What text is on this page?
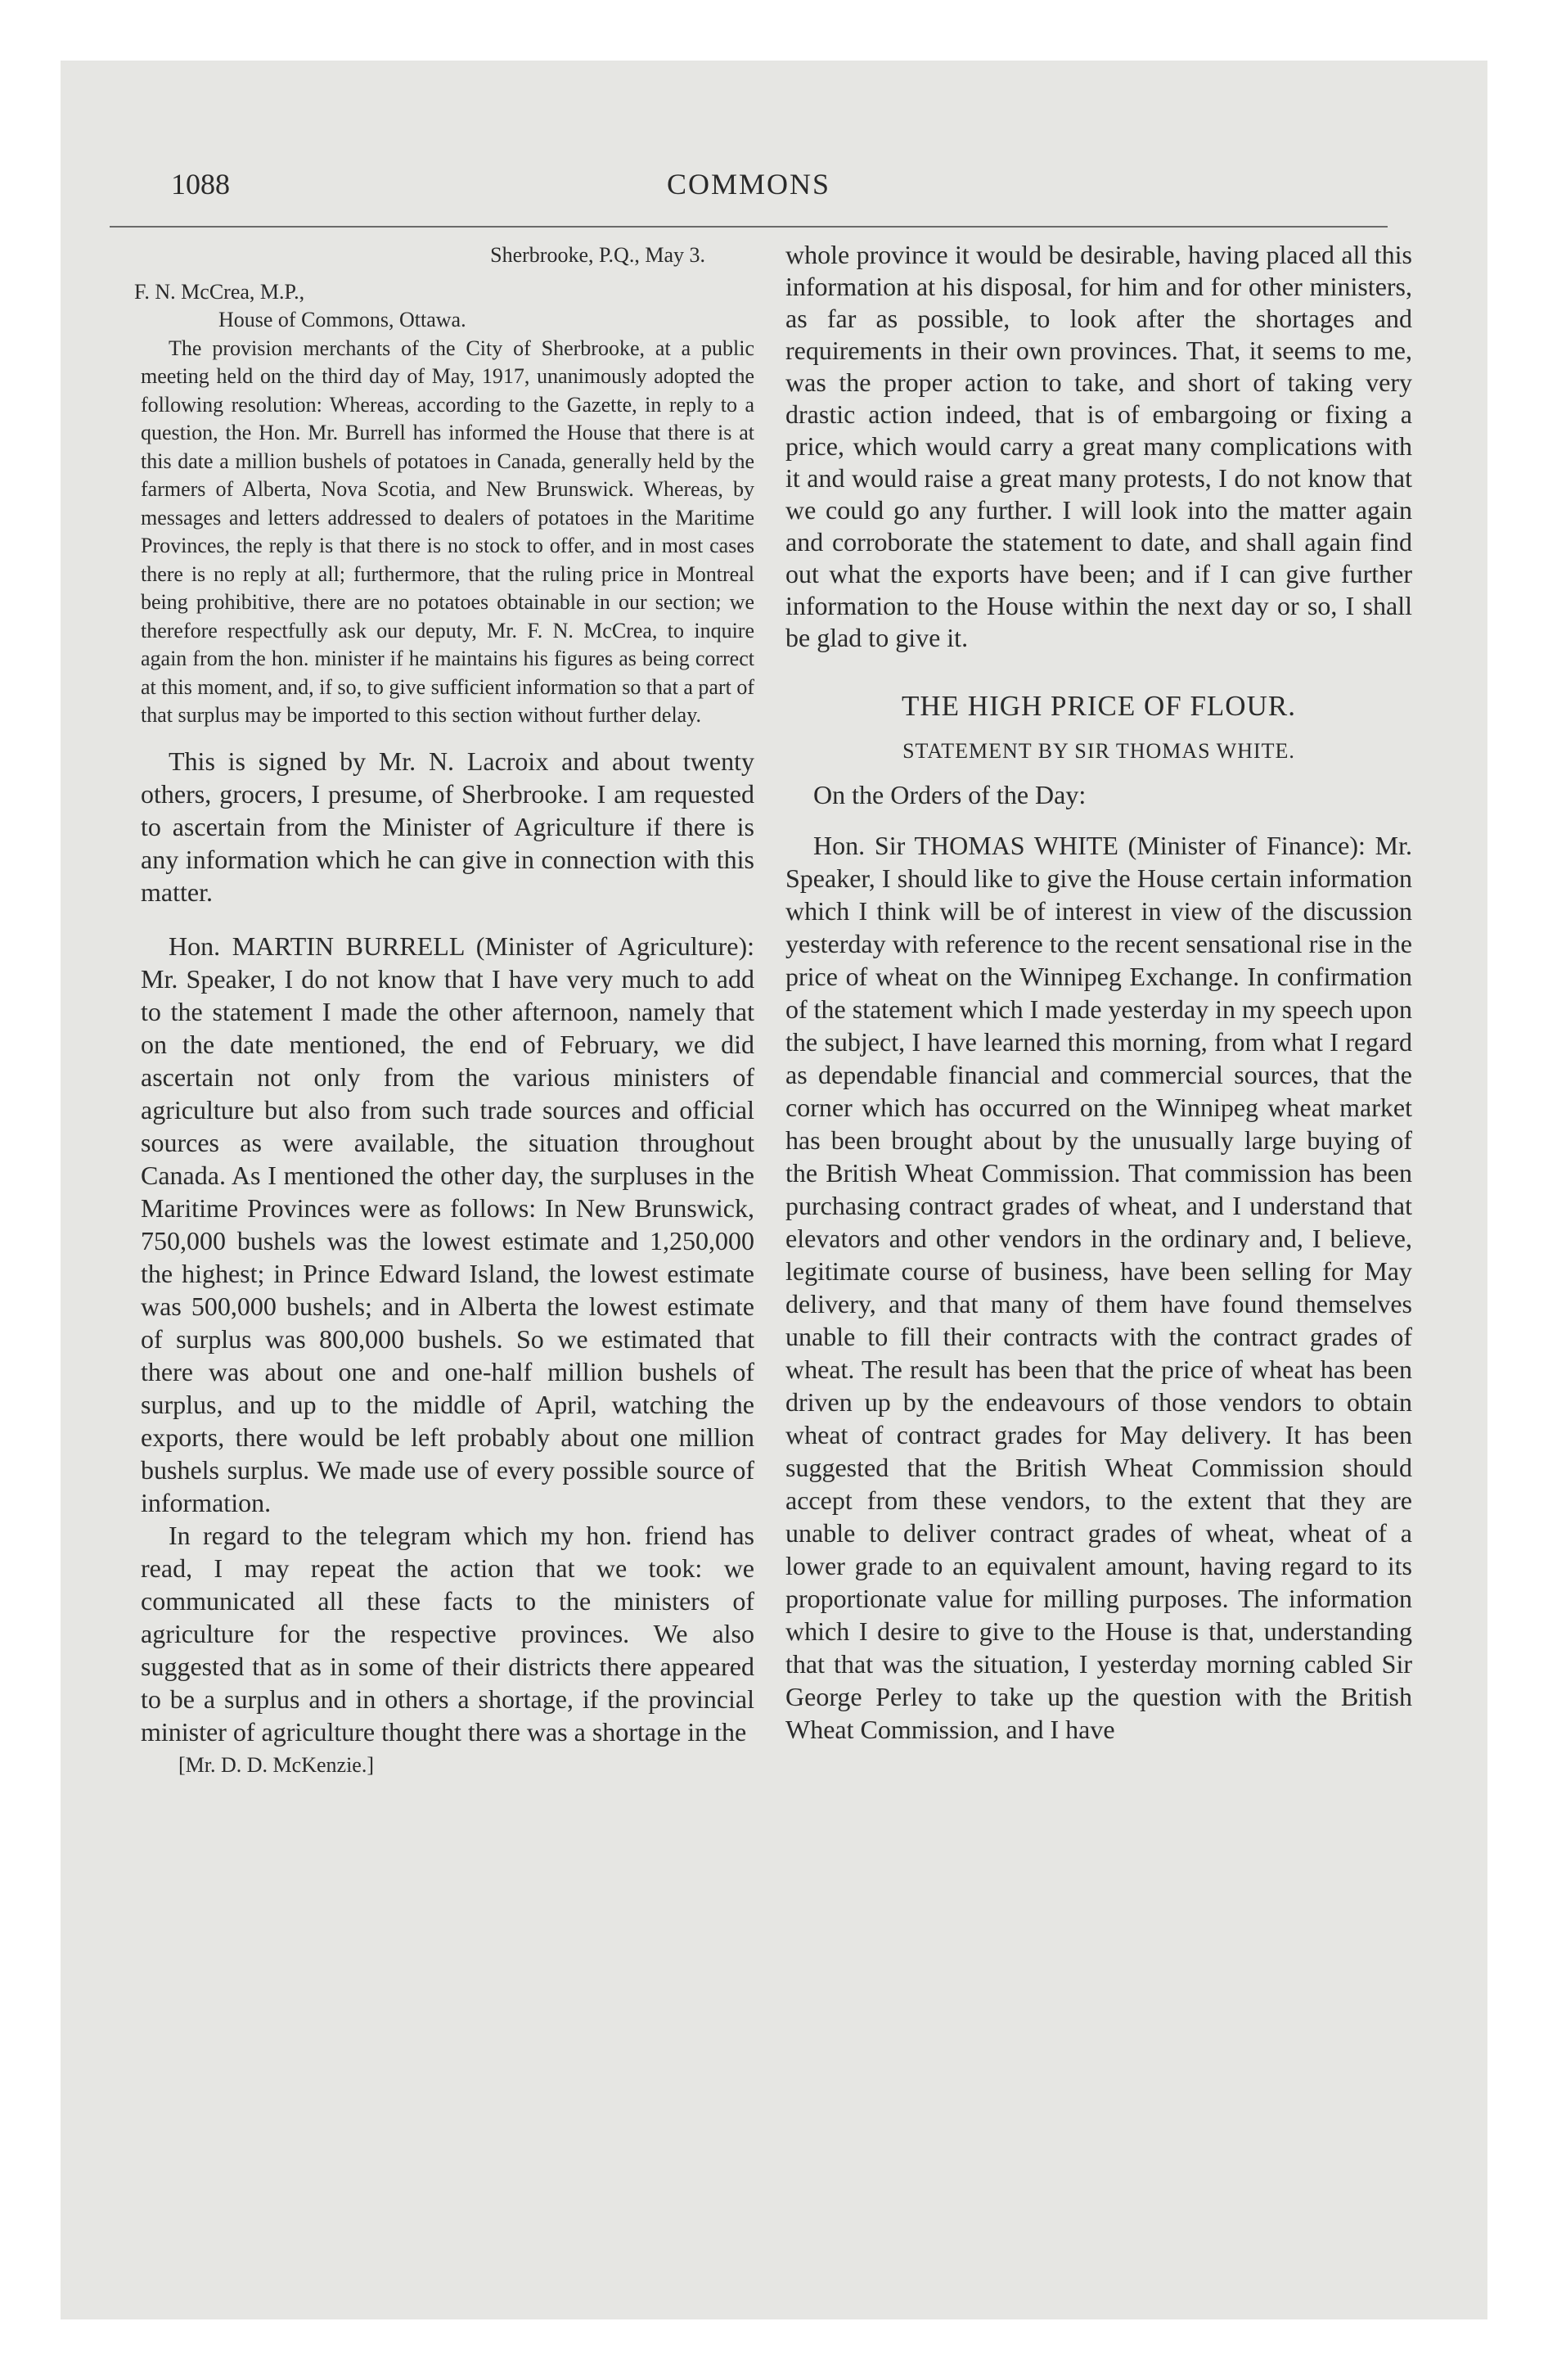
1088	COMMONS

Sherbrooke, P.Q., May 3.

F. N. McCrea, M.P.,

House of Commons, Ottawa.

The provision merchants of the City of Sherbrooke, at a public meeting held on the third day of May, 1917, unanimously adopted the following resolution: Whereas, according to the Gazette, in reply to a question, the Hon. Mr. Burrell has informed the House that there is at this date a million bushels of potatoes in Canada, generally held by the farmers of Alberta, Nova Scotia, and New Brunswick. Whereas, by messages and letters addressed to dealers of potatoes in the Maritime Provinces, the reply is that there is no stock to offer, and in most cases there is no reply at all; furthermore, that the ruling price in Montreal being prohibitive, there are no potatoes obtainable in our section; we therefore respectfully ask our deputy, Mr. F. N. McCrea, to inquire again from the hon. minister if he maintains his figures as being correct at this moment, and, if so, to give sufficient information so that a part of that surplus may be imported to this section without further delay.

This is signed by Mr. N. Lacroix and about twenty others, grocers, I presume, of Sherbrooke. I am requested to ascertain from the Minister of Agriculture if there is any information which he can give in connection with this matter.

Hon. MARTIN BURRELL (Minister of Agriculture): Mr. Speaker, I do not know that I have very much to add to the statement I made the other afternoon, namely that on the date mentioned, the end of February, we did ascertain not only from the various ministers of agriculture but also from such trade sources and official sources as were available, the situation throughout Canada. As I mentioned the other day, the surpluses in the Maritime Provinces were as follows: In New Brunswick, 750,000 bushels was the lowest estimate and 1,250,000 the highest; in Prince Edward Island, the lowest estimate was 500,000 bushels; and in Alberta the lowest estimate of surplus was 800,000 bushels. So we estimated that there was about one and one-half million bushels of surplus, and up to the middle of April, watching the exports, there would be left probably about one million bushels surplus. We made use of every possible source of information.

In regard to the telegram which my hon. friend has read, I may repeat the action that we took: we communicated all these facts to the ministers of agriculture for the respective provinces. We also suggested that as in some of their districts there appeared to be a surplus and in others a shortage, if the provincial minister of agriculture thought there was a shortage in the

[Mr. D. D. McKenzie.]

whole province it would be desirable, having placed all this information at his disposal, for him and for other ministers, as far as possible, to look after the shortages and requirements in their own provinces. That, it seems to me, was the proper action to take, and short of taking very drastic action indeed, that is of embargoing or fixing a price, which would carry a great many complications with it and would raise a great many protests, I do not know that we could go any further. I will look into the matter again and corroborate the statement to date, and shall again find out what the exports have been; and if I can give further information to the House within the next day or so, I shall be glad to give it.

THE HIGH PRICE OF FLOUR.

STATEMENT BY SIR THOMAS WHITE.

On the Orders of the Day:

Hon. Sir THOMAS WHITE (Minister of Finance): Mr. Speaker, I should like to give the House certain information which I think will be of interest in view of the discussion yesterday with reference to the recent sensational rise in the price of wheat on the Winnipeg Exchange. In confirmation of the statement which I made yesterday in my speech upon the subject, I have learned this morning, from what I regard as dependable financial and commercial sources, that the corner which has occurred on the Winnipeg wheat market has been brought about by the unusually large buying of the British Wheat Commission. That commission has been purchasing contract grades of wheat, and I understand that elevators and other vendors in the ordinary and, I believe, legitimate course of business, have been selling for May delivery, and that many of them have found themselves unable to fill their contracts with the contract grades of wheat. The result has been that the price of wheat has been driven up by the endeavours of those vendors to obtain wheat of contract grades for May delivery. It has been suggested that the British Wheat Commission should accept from these vendors, to the extent that they are unable to deliver contract grades of wheat, wheat of a lower grade to an equivalent amount, having regard to its proportionate value for milling purposes. The information which I desire to give to the House is that, understanding that that was the situation, I yesterday morning cabled Sir George Perley to take up the question with the British Wheat Commission, and I have
